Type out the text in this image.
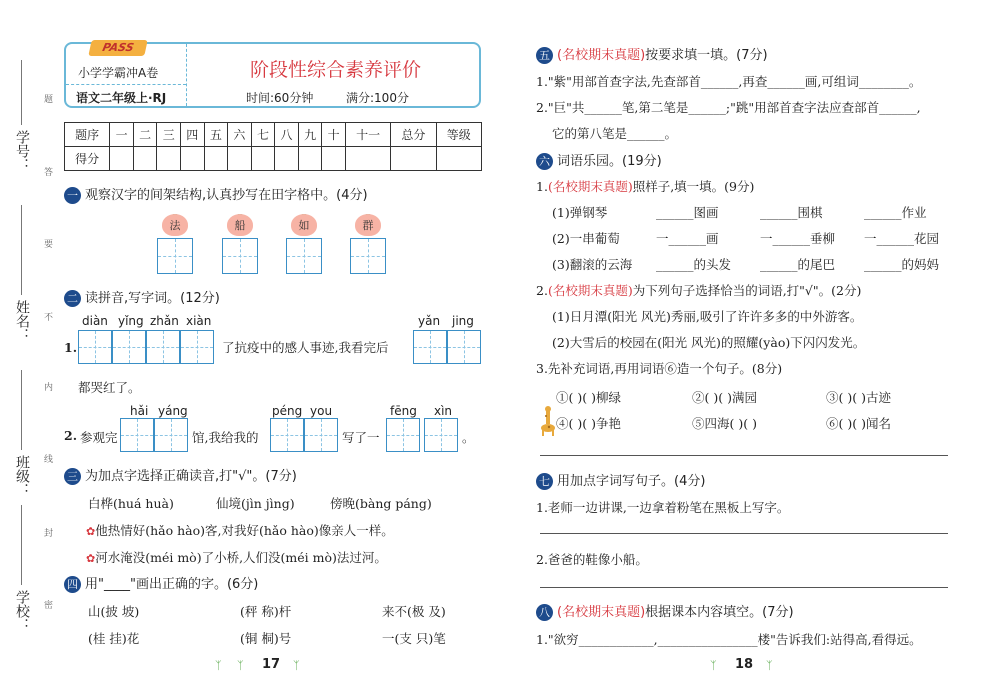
学号：
姓名：
班级：
学校：
题
答
要
不
内
线
封
密
PASS
小学学霸冲A卷
语文二年级上·RJ
阶段性综合素养评价
时间:60分钟	满分:100分
题序	一	二	三	四	五	六	七	八	九	十	十一	总分	等级
得分													
一 观察汉字的间架结构,认真抄写在田字格中。(4分)
法	船	如	群
二 读拼音,写字词。(12分)
diàn yǐng zhǎn xiàn	yǎn jing
1.	了抗疫中的感人事迹,我看完后
都哭红了。
hǎi yáng	péng you	fēng xìn
2. 参观完	馆,我给我的	写了一	。
三 为加点字选择正确读音,打"√"。(7分)
白桦(huá huà)	仙境(jìn jìng)	傍晚(bàng páng)
✿他热情好(hǎo hào)客,对我好(hǎo hào)像亲人一样。
✿河水淹没(méi mò)了小桥,人们没(méi mò)法过河。
四 用"____"画出正确的字。(6分)
山(披 坡)	(秤 称)杆	来不(极 及)
(桂 挂)花	(铜 桐)号	一(支 只)笔
ᛉ ᛉ 17 ᛉ
五 (名校期末真题)按要求填一填。(7分)
1."紫"用部首查字法,先查部首______,再查______画,可组词________。
2."巨"共______笔,第二笔是______;"跳"用部首查字法应查部首______,
它的第八笔是______。
六 词语乐园。(19分)
1.(名校期末真题)照样子,填一填。(9分)
(1)弹钢琴	______图画	______围棋	______作业
(2)一串葡萄	一______画	一______垂柳 一______花园
(3)翻滚的云海 ______的头发 ______的尾巴 ______的妈妈
2.(名校期末真题)为下列句子选择恰当的词语,打"√"。(2分)
(1)日月潭(阳光 风光)秀丽,吸引了许许多多的中外游客。
(2)大雪后的校园在(阳光 风光)的照耀(yào)下闪闪发光。
3.先补充词语,再用词语⑥造一个句子。(8分)
①( )( )柳绿	②( )( )满园	③( )( )古迹
④( )( )争艳	⑤四海( )( )	⑥( )( )闻名
七 用加点字词写句子。(4分)
1.老师一边讲课,一边拿着粉笔在黑板上写字。
2.爸爸的鞋像小船。
八 (名校期末真题)根据课本内容填空。(7分)
1."欲穷____________,________________楼"告诉我们:站得高,看得远。
ᛉ 18 ᛉ
